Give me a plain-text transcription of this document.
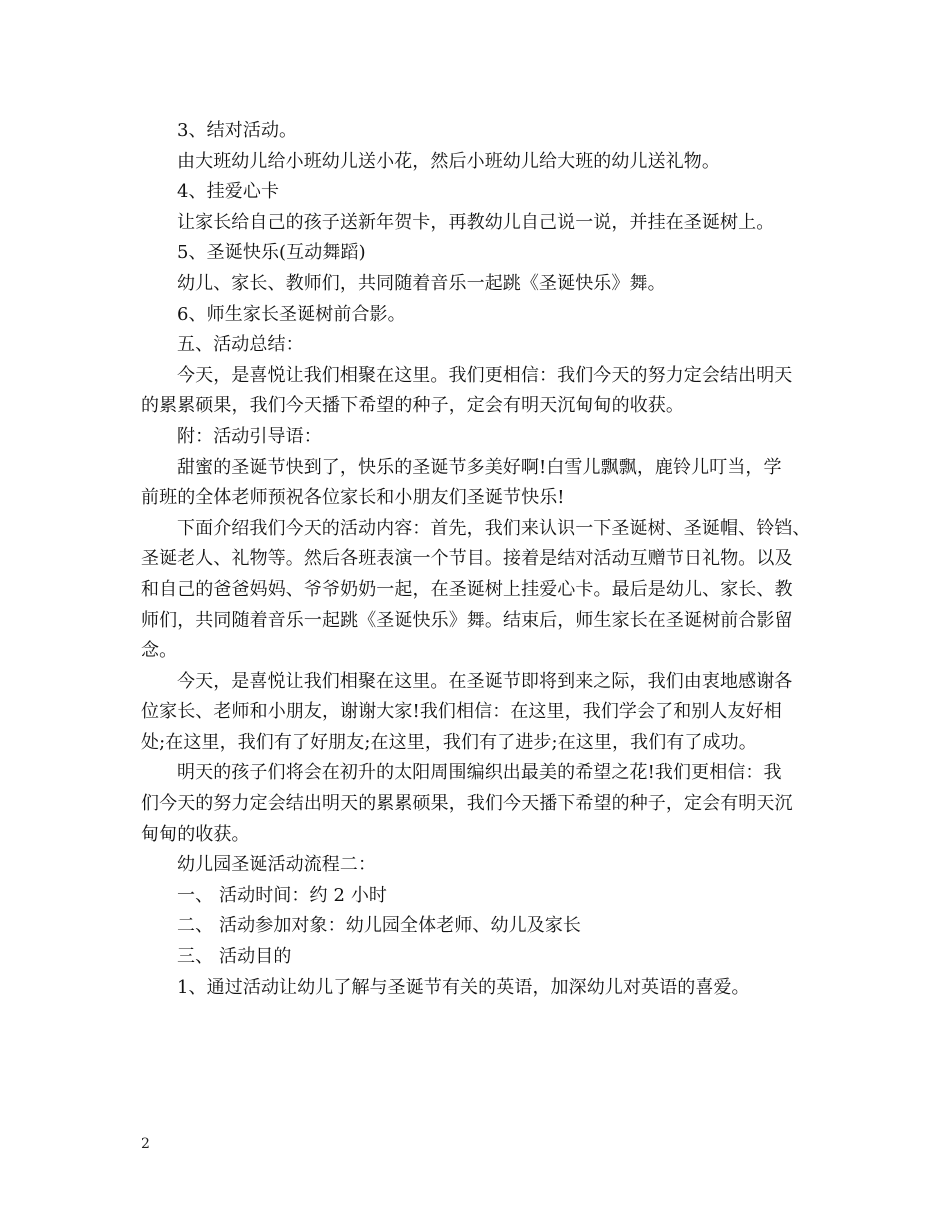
3、结对活动。
由大班幼儿给小班幼儿送小花，然后小班幼儿给大班的幼儿送礼物。
4、挂爱心卡
让家长给自己的孩子送新年贺卡，再教幼儿自己说一说，并挂在圣诞树上。
5、圣诞快乐(互动舞蹈)
幼儿、家长、教师们，共同随着音乐一起跳《圣诞快乐》舞。
6、师生家长圣诞树前合影。
五、活动总结：
今天，是喜悦让我们相聚在这里。我们更相信：我们今天的努力定会结出明天
的累累硕果，我们今天播下希望的种子，定会有明天沉甸甸的收获。
附：活动引导语：
甜蜜的圣诞节快到了，快乐的圣诞节多美好啊!白雪儿飘飘，鹿铃儿叮当，学
前班的全体老师预祝各位家长和小朋友们圣诞节快乐!
下面介绍我们今天的活动内容：首先，我们来认识一下圣诞树、圣诞帽、铃铛、
圣诞老人、礼物等。然后各班表演一个节目。接着是结对活动互赠节日礼物。以及
和自己的爸爸妈妈、爷爷奶奶一起，在圣诞树上挂爱心卡。最后是幼儿、家长、教
师们，共同随着音乐一起跳《圣诞快乐》舞。结束后，师生家长在圣诞树前合影留
念。
今天，是喜悦让我们相聚在这里。在圣诞节即将到来之际，我们由衷地感谢各
位家长、老师和小朋友，谢谢大家!我们相信：在这里，我们学会了和别人友好相
处;在这里，我们有了好朋友;在这里，我们有了进步;在这里，我们有了成功。
明天的孩子们将会在初升的太阳周围编织出最美的希望之花!我们更相信：我
们今天的努力定会结出明天的累累硕果，我们今天播下希望的种子，定会有明天沉
甸甸的收获。
幼儿园圣诞活动流程二：
一、 活动时间：约 2 小时
二、 活动参加对象：幼儿园全体老师、幼儿及家长
三、 活动目的
1、通过活动让幼儿了解与圣诞节有关的英语，加深幼儿对英语的喜爱。
2
